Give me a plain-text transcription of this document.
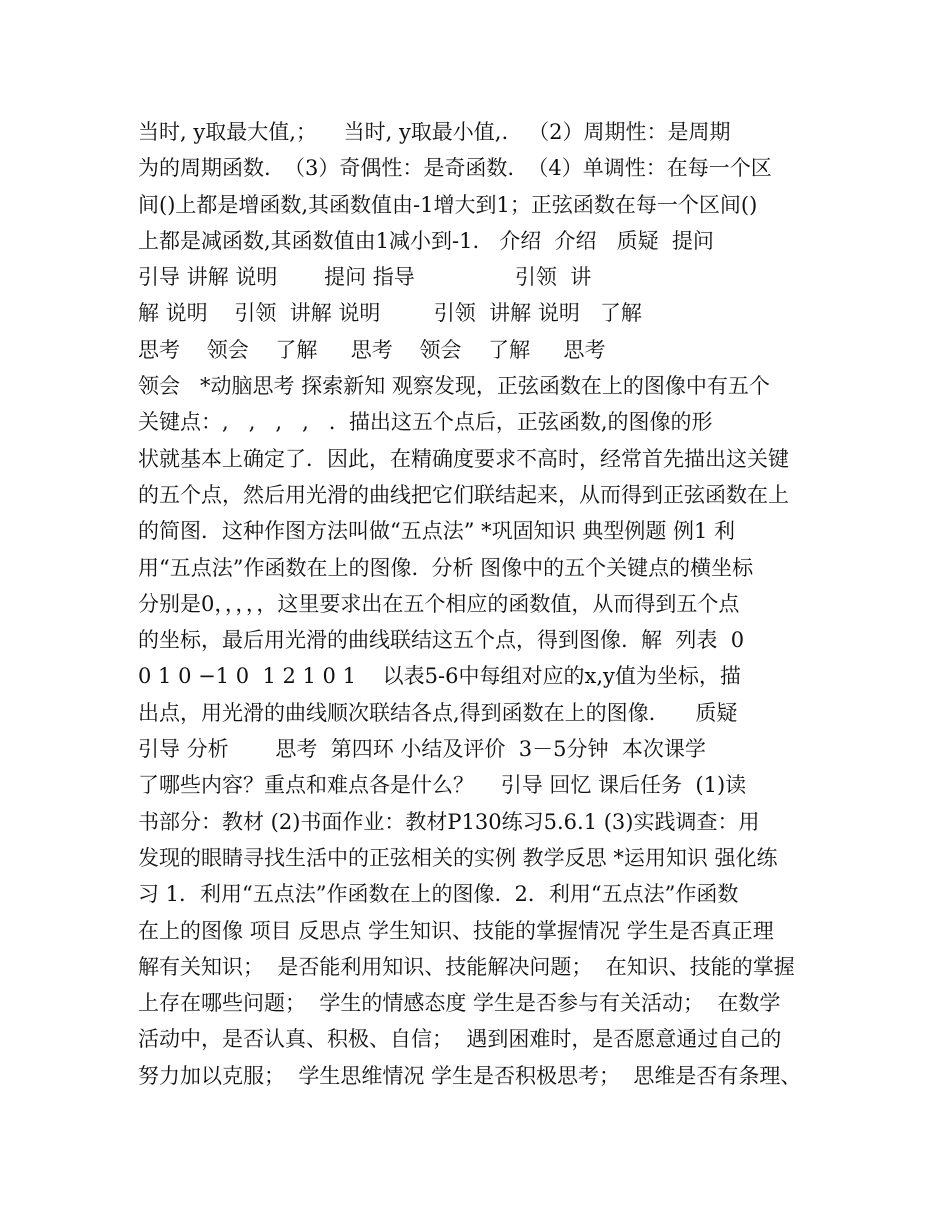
当时, y取最大值,；    当时, y取最小值,.   （2）周期性：是周期
为的周期函数.  （3）奇偶性：是奇函数.  （4）单调性：在每一个区
间()上都是增函数,其函数值由-1增大到1；正弦函数在每一个区间()
上都是减函数,其函数值由1减小到-1.   介绍  介绍   质疑  提问
引导 讲解 说明       提问 指导               引领  讲
解 说明    引领  讲解 说明        引领  讲解 说明   了解
思考    领会    了解     思考    领会    了解     思考
领会   *动脑思考 探索新知 观察发现，正弦函数在上的图像中有五个
关键点：,   ,   ,   ,   .  描出这五个点后，正弦函数,的图像的形
状就基本上确定了．因此，在精确度要求不高时，经常首先描出这关键
的五个点，然后用光滑的曲线把它们联结起来，从而得到正弦函数在上
的简图．这种作图方法叫做“五点法” *巩固知识 典型例题 例1 利
用“五点法”作函数在上的图像.  分析 图像中的五个关键点的横坐标
分别是0，，，，，这里要求出在五个相应的函数值，从而得到五个点
的坐标，最后用光滑的曲线联结这五个点，得到图像.  解  列表  0
0 1 0 −1 0  1 2 1 0 1    以表5-6中每组对应的x,y值为坐标，描
出点，用光滑的曲线顺次联结各点,得到函数在上的图像.      质疑
引导 分析       思考  第四环 小结及评价  3－5分钟  本次课学
了哪些内容？重点和难点各是什么？    引导 回忆 课后任务  (1)读
书部分：教材 (2)书面作业：教材P130练习5.6.1 (3)实践调查：用
发现的眼睛寻找生活中的正弦相关的实例 教学反思 *运用知识 强化练
习 1．利用“五点法”作函数在上的图像.  2．利用“五点法”作函数
在上的图像 项目 反思点 学生知识、技能的掌握情况 学生是否真正理
解有关知识；  是否能利用知识、技能解决问题；  在知识、技能的掌握
上存在哪些问题；  学生的情感态度 学生是否参与有关活动；  在数学
活动中，是否认真、积极、自信；  遇到困难时，是否愿意通过自己的
努力加以克服；  学生思维情况 学生是否积极思考；  思维是否有条理、
